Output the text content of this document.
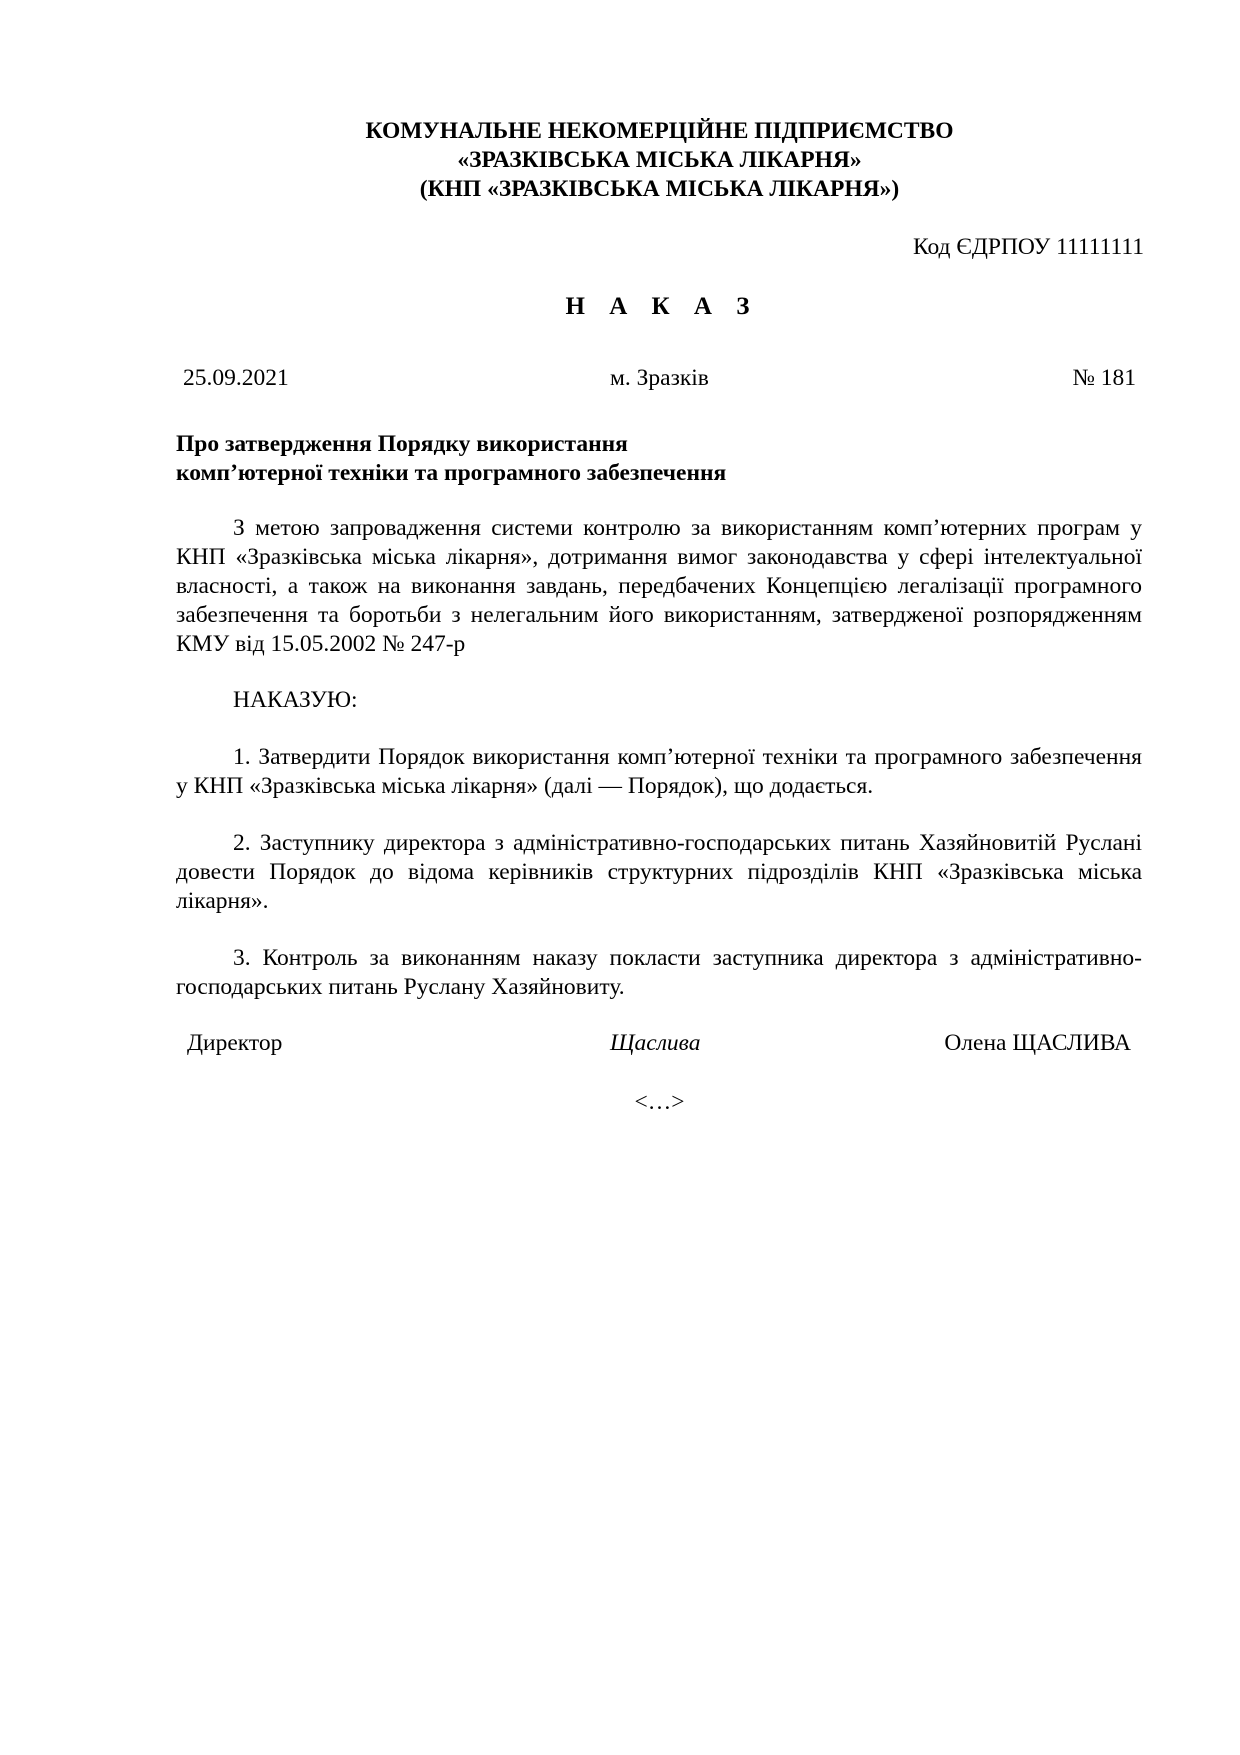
КОМУНАЛЬНЕ НЕКОМЕРЦІЙНЕ ПІДПРИЄМСТВО
«ЗРАЗКІВСЬКА МІСЬКА ЛІКАРНЯ»
(КНП «ЗРАЗКІВСЬКА МІСЬКА ЛІКАРНЯ»)
Код ЄДРПОУ 11111111
Н А К А З
25.09.2021	м. Зразків	№ 181
Про затвердження Порядку використання
комп’ютерної техніки та програмного забезпечення
З метою запровадження системи контролю за використанням комп’ютерних програм у КНП «Зразківська міська лікарня», дотримання вимог законодавства у сфері інтелектуальної власності, а також на виконання завдань, передбачених Концепцією легалізації програмного забезпечення та боротьби з нелегальним його використанням, затвердженої розпорядженням КМУ від 15.05.2002 № 247-р
НАКАЗУЮ:
1. Затвердити Порядок використання комп’ютерної техніки та програмного забезпечення у КНП «Зразківська міська лікарня» (далі — Порядок), що додається.
2. Заступнику директора з адміністративно-господарських питань Хазяйновитій Руслані довести Порядок до відома керівників структурних підрозділів КНП «Зразківська міська лікарня».
3. Контроль за виконанням наказу покласти заступника директора з адміністративно-господарських питань Руслану Хазяйновиту.
Директор	Щаслива	Олена ЩАСЛИВА
<…>
